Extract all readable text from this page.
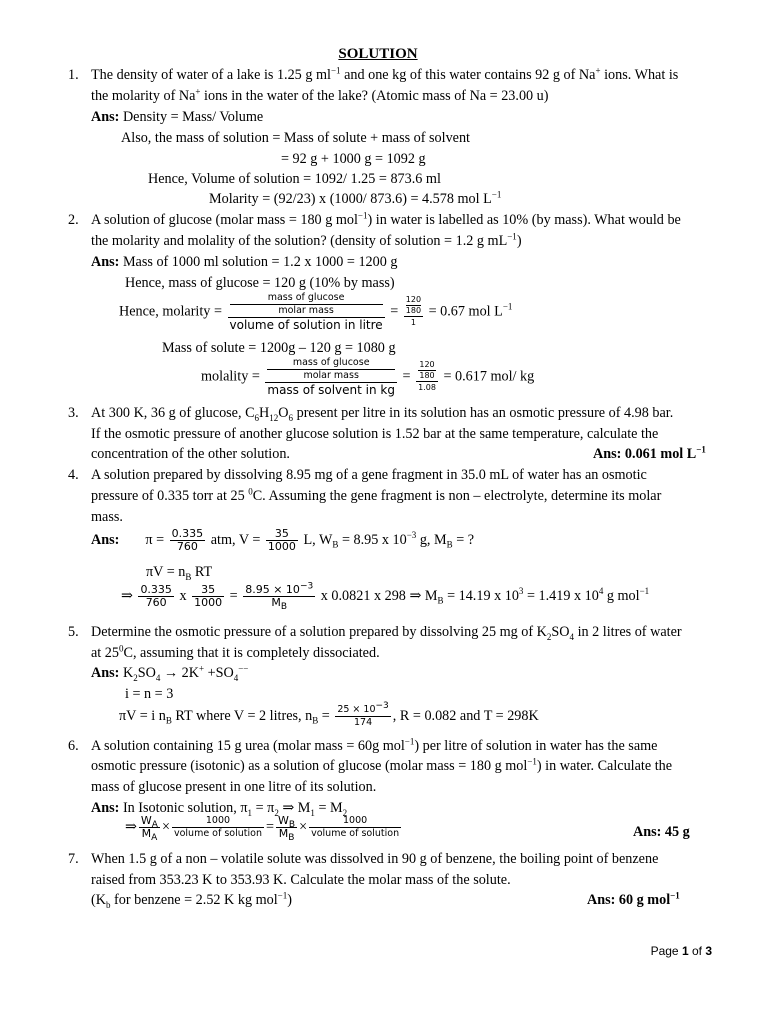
SOLUTION
1. The density of water of a lake is 1.25 g $ml^{-1}$ and one kg of this water contains 92 g of Na+ ions. What is
the molarity of Na+ ions in the water of the lake? (Atomic mass of Na = 23.00 u)
Ans: Density = Mass/ Volume
Also, the mass of solution = Mass of solute + mass of solvent
= 92 g + 1000 g = 1092 g
Hence, Volume of solution = 1092/ 1.25 = 873.6 ml
Molarity = (92/23) x (1000/ 873.6) = 4.578 mol $L^{-1}$
2. A solution of glucose (molar mass = 180 g mol$^{-1}$) in water is labelled as 10% (by mass). What would be
the molarity and molality of the solution? (density of solution = 1.2 g $mL^{-1}$)
Ans: Mass of 1000 ml solution = 1.2 x 1000 = 1200 g
Hence, mass of glucose = 120 g (10% by mass)
Hence, molarity = mass of glucose
molar mass
volume of solution in litre = 120
180
1 = 0.67 mol $L^{-1}$
Mass of solute = 1200g – 120 g = 1080 g
molality = mass of glucose
molar mass
mass of solvent in kg = 120
180
1.08 = 0.617 mol/ kg
3. At 300 K, 36 g of glucose, $C_6H_{12}O_6$ present per litre in its solution has an osmotic pressure of 4.98 bar.
If the osmotic pressure of another glucose solution is 1.52 bar at the same temperature, calculate the
concentration of the other solution.	Ans: 0.061 mol $L^{-1}$
4. A solution prepared by dissolving 8.95 mg of a gene fragment in 35.0 mL of water has an osmotic
pressure of 0.335 torr at 25 $^0$C. Assuming the gene fragment is non – electrolyte, determine its molar
mass.
Ans: $\pi = \frac{0.335}{760}$ atm, $V = \frac{35}{1000} L$, $W_B = 8.95$ x $10^{-3}$ g, $M_B$ = ?
$\pi V = n_B$ RT
⇒ $\frac{0.335}{760}$ x $\frac{35}{1000} = \frac{8.95 \times 10^{-3}}{M_B}$ x 0.0821 x 298 ⇒ $M_B = 14.19$ x $10^3 = 1.419$ x $10^4$ g mol$^{-1}$
5. Determine the osmotic pressure of a solution prepared by dissolving 25 mg of $K_2SO_4$ in 2 litres of water
at $25^0C$, assuming that it is completely dissociated.
Ans: $K_2SO_4 \to 2K^+ +SO_4^{--}$
i = n = 3
πV = i $n_B$ RT where V = 2 litres, $n_B = \frac{25 \times 10^{-3}}{174}$ , R = 0.082 and T = 298K
6. A solution containing 15 g urea (molar mass = 60g mol$^{-1}$) per litre of solution in water has the same
osmotic pressure (isotonic) as a solution of glucose (molar mass = 180 g mol$^{-1}$) in water. Calculate the
mass of glucose present in one litre of its solution.
Ans: In Isotonic solution, $\pi_1 = \pi_2$ ⇒ $M_1 = M_2$
⇒ $\frac{W_A}{M_A} \times \frac{1000}{\text{volume of solution}} = \frac{W_B}{M_B} \times \frac{1000}{\text{volume of solution}}$	Ans: 45 g
7. When 1.5 g of a non – volatile solute was dissolved in 90 g of benzene, the boiling point of benzene
raised from 353.23 K to 353.93 K. Calculate the molar mass of the solute.
($K_b$ for benzene = 2.52 K kg mol$^{-1}$)	Ans: 60 g mol$^{-1}$
Page 1 of 3
